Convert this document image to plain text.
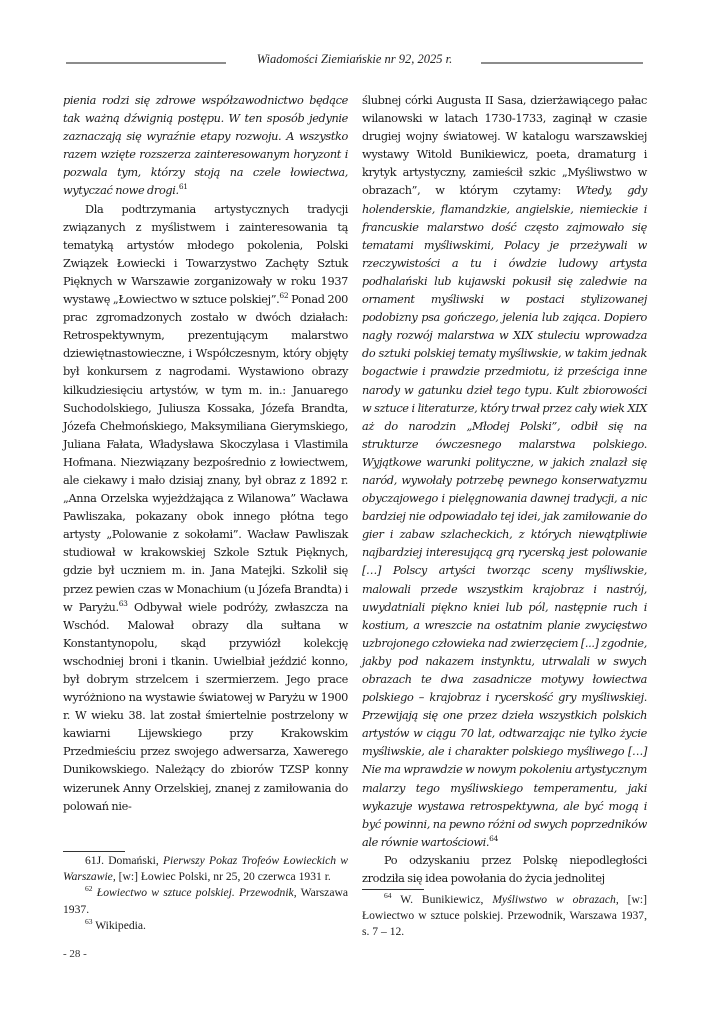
Wiadomości Ziemiańskie nr 92, 2025 r.

pienia rodzi się zdrowe współzawodnictwo będące tak ważną dźwignią postępu. W ten sposób jedynie zaznaczają się wyraźnie etapy rozwoju. A wszystko razem wzięte rozszerza zainteresowanym horyzont i pozwala tym, którzy stoją na czele łowiectwa, wytyczać nowe drogi.$^{61}$

Dla podtrzymania artystycznych tradycji związanych z myślistwem i zainteresowania tą tematyką artystów młodego pokolenia, Polski Związek Łowiecki i Towarzystwo Zachęty Sztuk Pięknych w Warszawie zorganizowały w roku 1937 wystawę „Łowiectwo w sztuce polskiej”.$^{62}$ Ponad 200 prac zgromadzonych zostało w dwóch działach: Retrospektywnym, prezentującym malarstwo dziewiętnastowieczne, i Współczesnym, który objęty był konkursem z nagrodami. Wystawiono obrazy kilkudziesięciu artystów, w tym m. in.: Januarego Suchodolskiego, Juliusza Kossaka, Józefa Brandta, Józefa Chełmońskiego, Maksymiliana Gierymskiego, Juliana Fałata, Władysława Skoczylasa i Vlastimila Hofmana. Niezwiązany bezpośrednio z łowiectwem, ale ciekawy i mało dzisiaj znany, był obraz z 1892 r. „Anna Orzelska wyjeżdżająca z Wilanowa” Wacława Pawliszaka, pokazany obok innego płótna tego artysty „Polowanie z sokołami”. Wacław Pawliszak studiował w krakowskiej Szkole Sztuk Pięknych, gdzie był uczniem m. in. Jana Matejki. Szkolił się przez pewien czas w Monachium (u Józefa Brandta) i w Paryżu.$^{63}$ Odbywał wiele podróży, zwłaszcza na Wschód. Malował obrazy dla sułtana w Konstantynopolu, skąd przywiózł kolekcję wschodniej broni i tkanin. Uwielbiał jeździć konno, był dobrym strzelcem i szermierzem. Jego prace wyróżniono na wystawie światowej w Paryżu w 1900 r. W wieku 38. lat został śmiertelnie postrzelony w kawiarni Lijewskiego przy Krakowskim Przedmieściu przez swojego adwersarza, Xawerego Dunikowskiego. Należący do zbiorów TZSP konny wizerunek Anny Orzelskiej, znanej z zamiłowania do polowań nie-

ślubnej córki Augusta II Sasa, dzierżawiącego pałac wilanowski w latach 1730-1733, zaginął w czasie drugiej wojny światowej. W katalogu warszawskiej wystawy Witold Bunikiewicz, poeta, dramaturg i krytyk artystyczny, zamieścił szkic „Myśliwstwo w obrazach”, w którym czytamy: Wtedy, gdy holenderskie, flamandzkie, angielskie, niemieckie i francuskie malarstwo dość często zajmowało się tematami myśliwskimi, Polacy je przeżywali w rzeczywistości a tu i ówdzie ludowy artysta podhalański lub kujawski pokusił się zaledwie na ornament myśliwski w postaci stylizowanej podobizny psa gończego, jelenia lub zająca. Dopiero nagły rozwój malarstwa w XIX stuleciu wprowadza do sztuki polskiej tematy myśliwskie, w takim jednak bogactwie i prawdzie przedmiotu, iż prześciga inne narody w gatunku dzieł tego typu. Kult zbiorowości w sztuce i literaturze, który trwał przez cały wiek XIX aż do narodzin „Młodej Polski”, odbił się na strukturze ówczesnego malarstwa polskiego. Wyjątkowe warunki polityczne, w jakich znalazł się naród, wywołały potrzebę pewnego konserwatyzmu obyczajowego i pielęgnowania dawnej tradycji, a nic bardziej nie odpowiadało tej idei, jak zamiłowanie do gier i zabaw szlacheckich, z których niewątpliwie najbardziej interesującą grą rycerską jest polowanie […] Polscy artyści tworząc sceny myśliwskie, malowali przede wszystkim krajobraz i nastrój, uwydatniali piękno kniei lub pól, następnie ruch i kostium, a wreszcie na ostatnim planie zwycięstwo uzbrojonego człowieka nad zwierzęciem [...] zgodnie, jakby pod nakazem instynktu, utrwalali w swych obrazach te dwa zasadnicze motywy łowiectwa polskiego – krajobraz i rycerskość gry myśliwskiej. Przewijają się one przez dzieła wszystkich polskich artystów w ciągu 70 lat, odtwarzając nie tylko życie myśliwskie, ale i charakter polskiego myśliwego […] Nie ma wprawdzie w nowym pokoleniu artystycznym malarzy tego myśliwskiego temperamentu, jaki wykazuje wystawa retrospektywna, ale być mogą i być powinni, na pewno różni od swych poprzedników ale równie wartościowi.$^{64}$

Po odzyskaniu przez Polskę niepodległości zrodziła się idea powołania do życia jednolitej

61J. Domański, Pierwszy Pokaz Trofeów Łowieckich w Warszawie, [w:] Łowiec Polski, nr 25, 20 czerwca 1931 r.

$^{62}$ Łowiectwo w sztuce polskiej. Przewodnik, Warszawa 1937.

$^{63}$ Wikipedia.

$^{64}$ W. Bunikiewicz, Myśliwstwo w obrazach, [w:] Łowiectwo w sztuce polskiej. Przewodnik, Warszawa 1937, s. 7 – 12.

- 28 -
